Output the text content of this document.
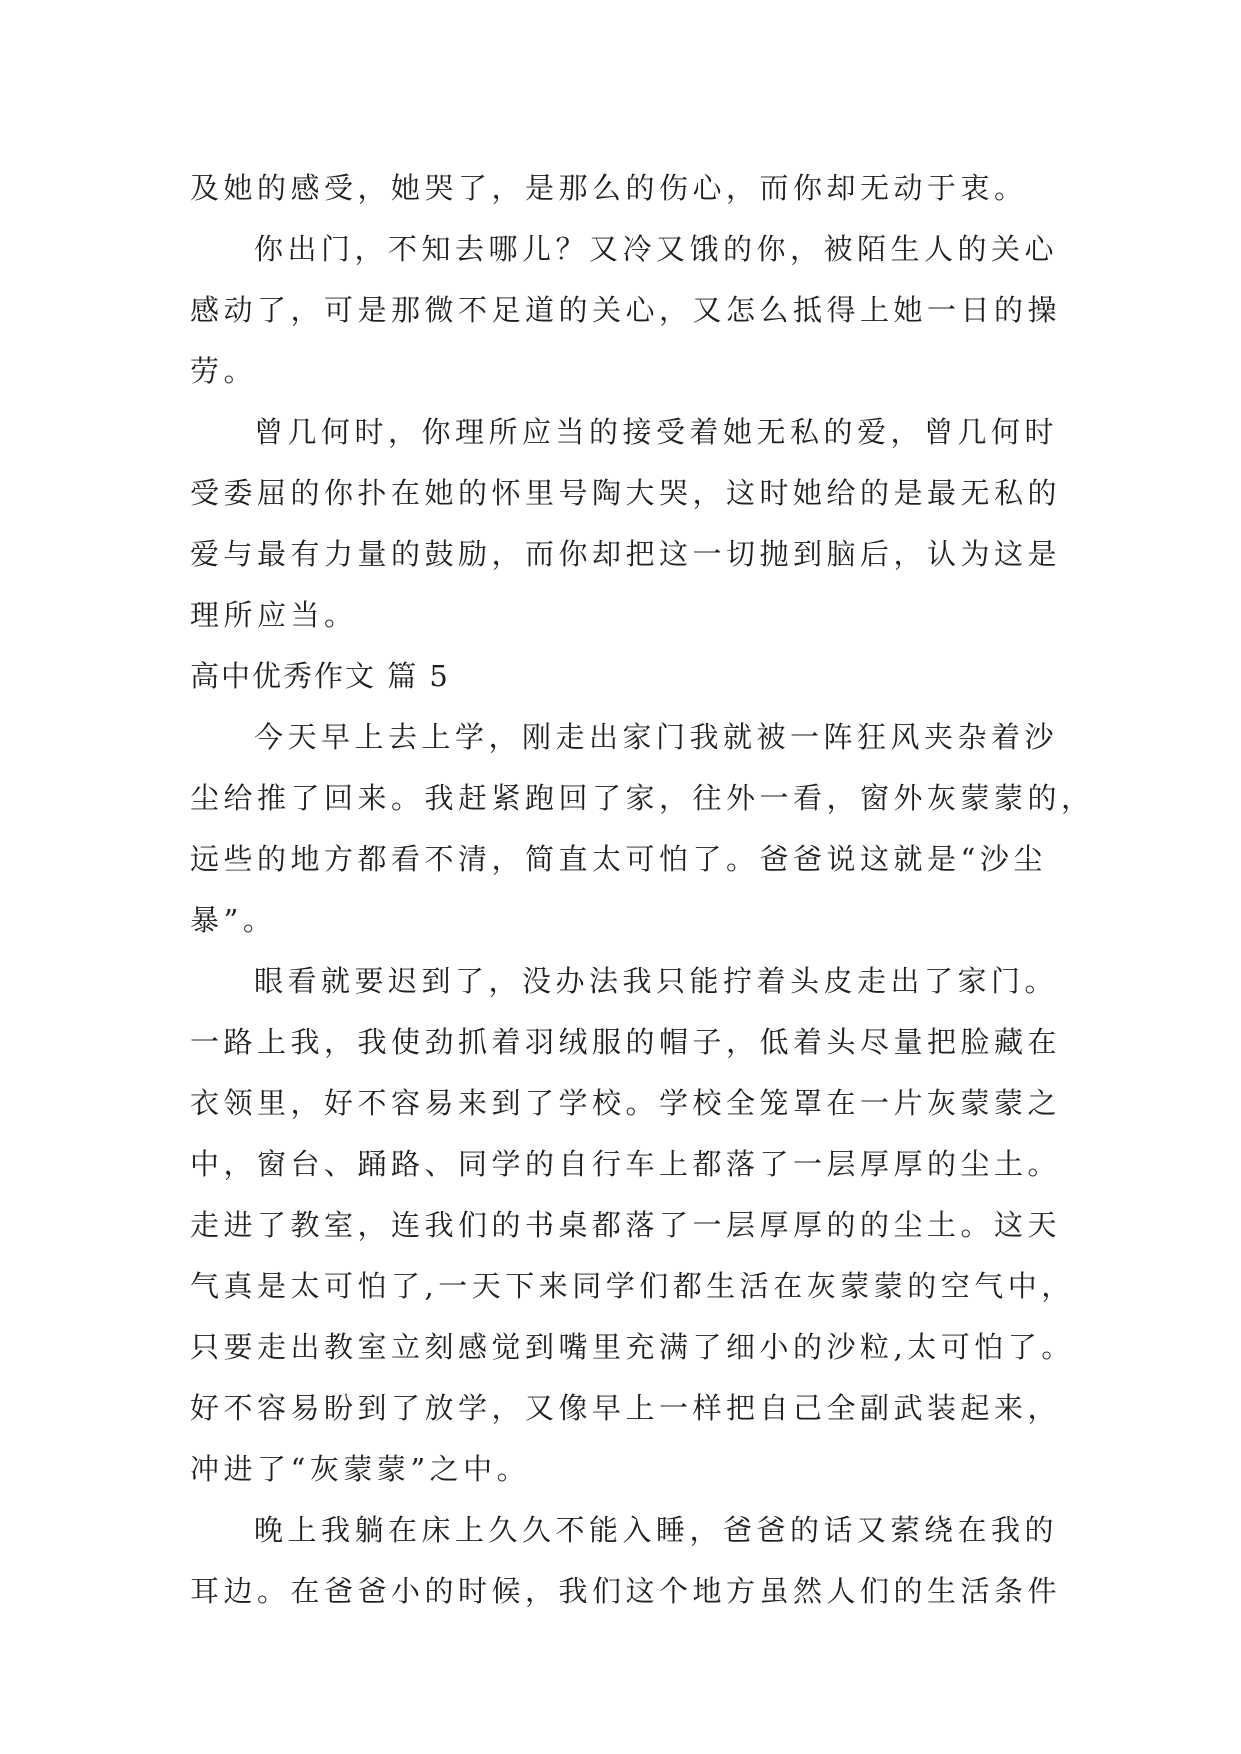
及她的感受，她哭了，是那么的伤心，而你却无动于衷。
你出门，不知去哪儿？又冷又饿的你，被陌生人的关心
感动了，可是那微不足道的关心，又怎么抵得上她一日的操
劳。
曾几何时，你理所应当的接受着她无私的爱，曾几何时
受委屈的你扑在她的怀里号陶大哭，这时她给的是最无私的
爱与最有力量的鼓励，而你却把这一切抛到脑后，认为这是
理所应当。
高中优秀作文 篇 5
今天早上去上学，刚走出家门我就被一阵狂风夹杂着沙
尘给推了回来。我赶紧跑回了家，往外一看，窗外灰蒙蒙的，
远些的地方都看不清，简直太可怕了。爸爸说这就是“沙尘
暴”。
眼看就要迟到了，没办法我只能拧着头皮走出了家门。
一路上我，我使劲抓着羽绒服的帽子，低着头尽量把脸藏在
衣领里，好不容易来到了学校。学校全笼罩在一片灰蒙蒙之
中，窗台、踊路、同学的自行车上都落了一层厚厚的尘土。
走进了教室，连我们的书桌都落了一层厚厚的的尘土。这天
气真是太可怕了,一天下来同学们都生活在灰蒙蒙的空气中，
只要走出教室立刻感觉到嘴里充满了细小的沙粒,太可怕了。
好不容易盼到了放学，又像早上一样把自己全副武装起来，
冲进了“灰蒙蒙”之中。
晚上我躺在床上久久不能入睡，爸爸的话又萦绕在我的
耳边。在爸爸小的时候，我们这个地方虽然人们的生活条件
